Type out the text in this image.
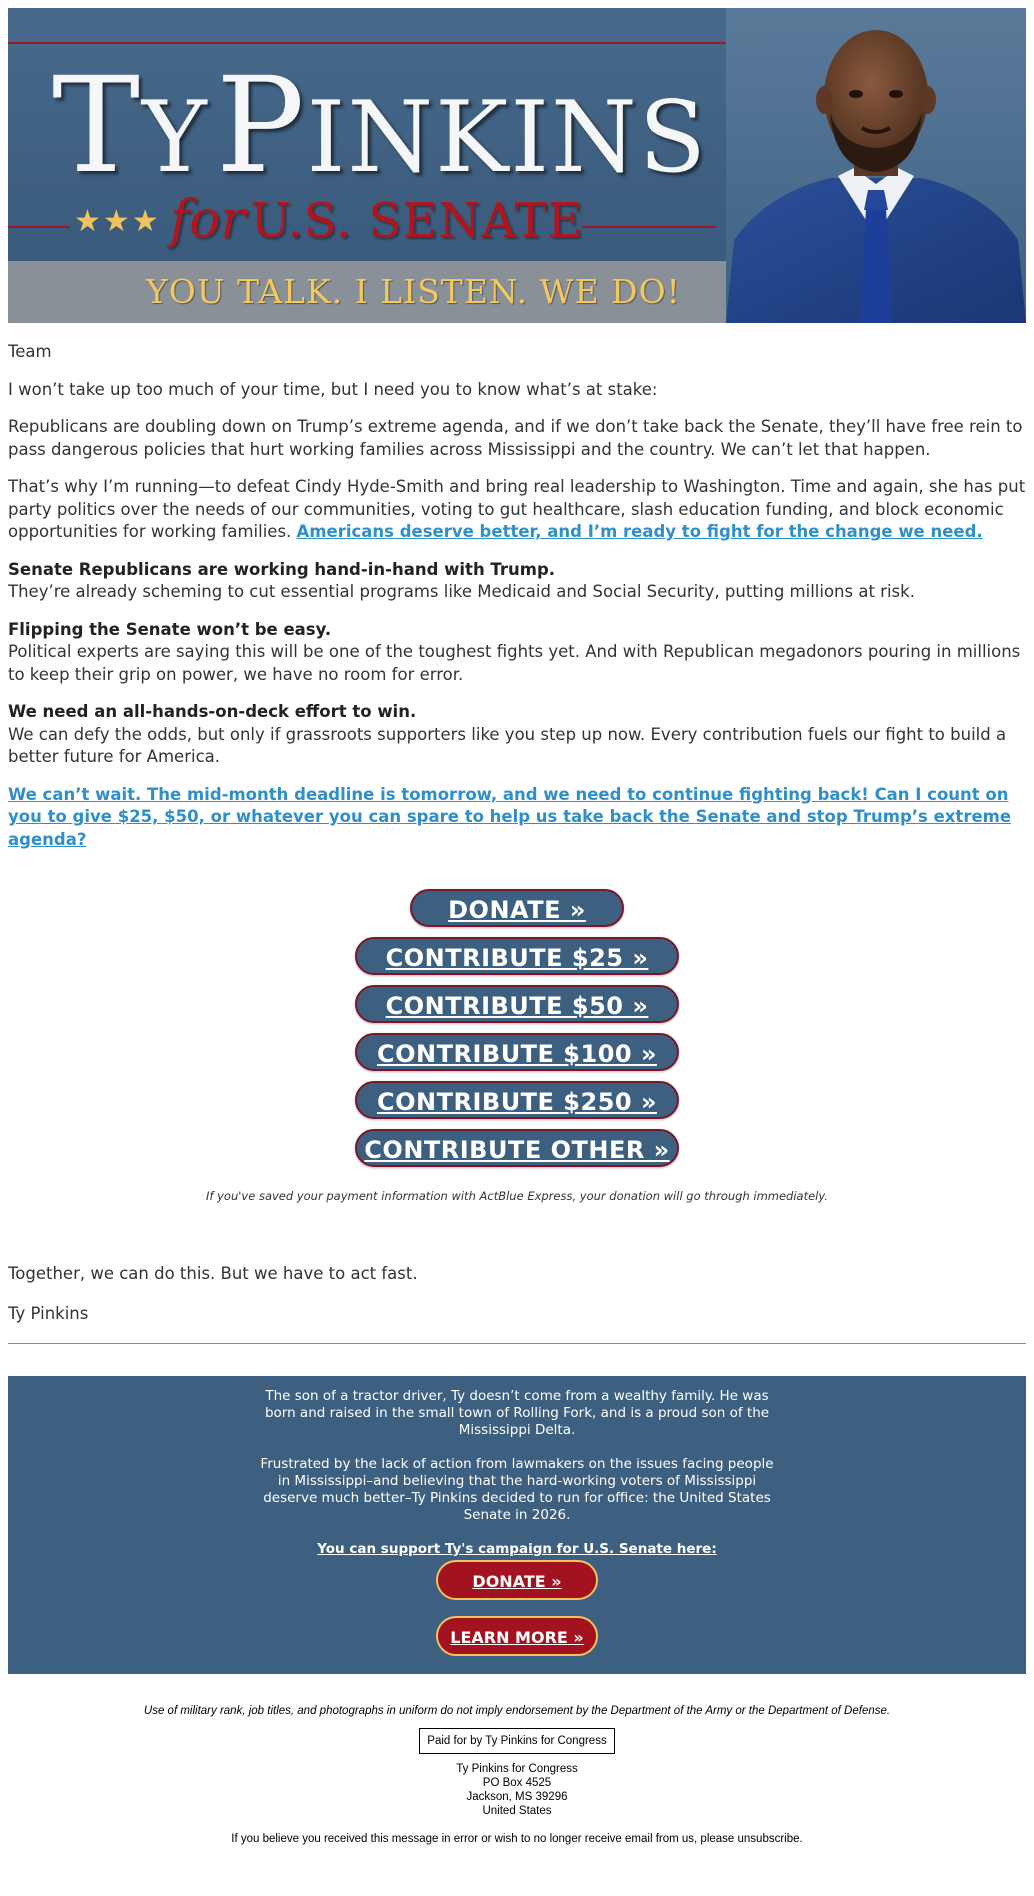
TY PINKINS
★★★ for U.S. SENATE
YOU TALK. I LISTEN. WE DO!

Team

I won’t take up too much of your time, but I need you to know what’s at stake:

Republicans are doubling down on Trump’s extreme agenda, and if we don’t take back the Senate, they’ll have free rein to pass dangerous policies that hurt working families across Mississippi and the country. We can’t let that happen.

That’s why I’m running—to defeat Cindy Hyde-Smith and bring real leadership to Washington. Time and again, she has put party politics over the needs of our communities, voting to gut healthcare, slash education funding, and block economic opportunities for working families. Americans deserve better, and I’m ready to fight for the change we need.

Senate Republicans are working hand-in-hand with Trump.
They’re already scheming to cut essential programs like Medicaid and Social Security, putting millions at risk.

Flipping the Senate won’t be easy.
Political experts are saying this will be one of the toughest fights yet. And with Republican megadonors pouring in millions to keep their grip on power, we have no room for error.

We need an all-hands-on-deck effort to win.
We can defy the odds, but only if grassroots supporters like you step up now. Every contribution fuels our fight to build a better future for America.

We can’t wait. The mid-month deadline is tomorrow, and we need to continue fighting back! Can I count on you to give $25, $50, or whatever you can spare to help us take back the Senate and stop Trump’s extreme agenda?

DONATE »
CONTRIBUTE $25 »
CONTRIBUTE $50 »
CONTRIBUTE $100 »
CONTRIBUTE $250 »
CONTRIBUTE OTHER »
If you've saved your payment information with ActBlue Express, your donation will go through immediately.

Together, we can do this. But we have to act fast.

Ty Pinkins

The son of a tractor driver, Ty doesn’t come from a wealthy family. He was born and raised in the small town of Rolling Fork, and is a proud son of the Mississippi Delta.

Frustrated by the lack of action from lawmakers on the issues facing people in Mississippi–and believing that the hard-working voters of Mississippi deserve much better–Ty Pinkins decided to run for office: the United States Senate in 2026.

You can support Ty's campaign for U.S. Senate here:

DONATE »
LEARN MORE »
Use of military rank, job titles, and photographs in uniform do not imply endorsement by the Department of the Army or the Department of Defense.
Paid for by Ty Pinkins for Congress
Ty Pinkins for Congress
PO Box 4525
Jackson, MS 39296
United States
If you believe you received this message in error or wish to no longer receive email from us, please unsubscribe.
